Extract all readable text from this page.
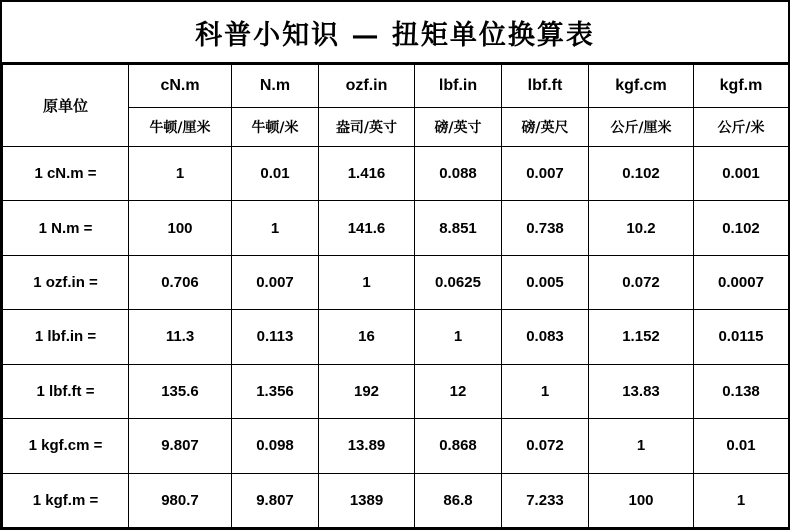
科普小知识 — 扭矩单位换算表
原单位	cN.m	N.m	ozf.in	lbf.in	lbf.ft	kgf.cm	kgf.m
	牛顿/厘米	牛顿/米	盎司/英寸	磅/英寸	磅/英尺	公斤/厘米	公斤/米
1 cN.m =	1	0.01	1.416	0.088	0.007	0.102	0.001
1 N.m =	100	1	141.6	8.851	0.738	10.2	0.102
1 ozf.in =	0.706	0.007	1	0.0625	0.005	0.072	0.0007
1 lbf.in =	11.3	0.113	16	1	0.083	1.152	0.0115
1 lbf.ft =	135.6	1.356	192	12	1	13.83	0.138
1 kgf.cm =	9.807	0.098	13.89	0.868	0.072	1	0.01
1 kgf.m =	980.7	9.807	1389	86.8	7.233	100	1
